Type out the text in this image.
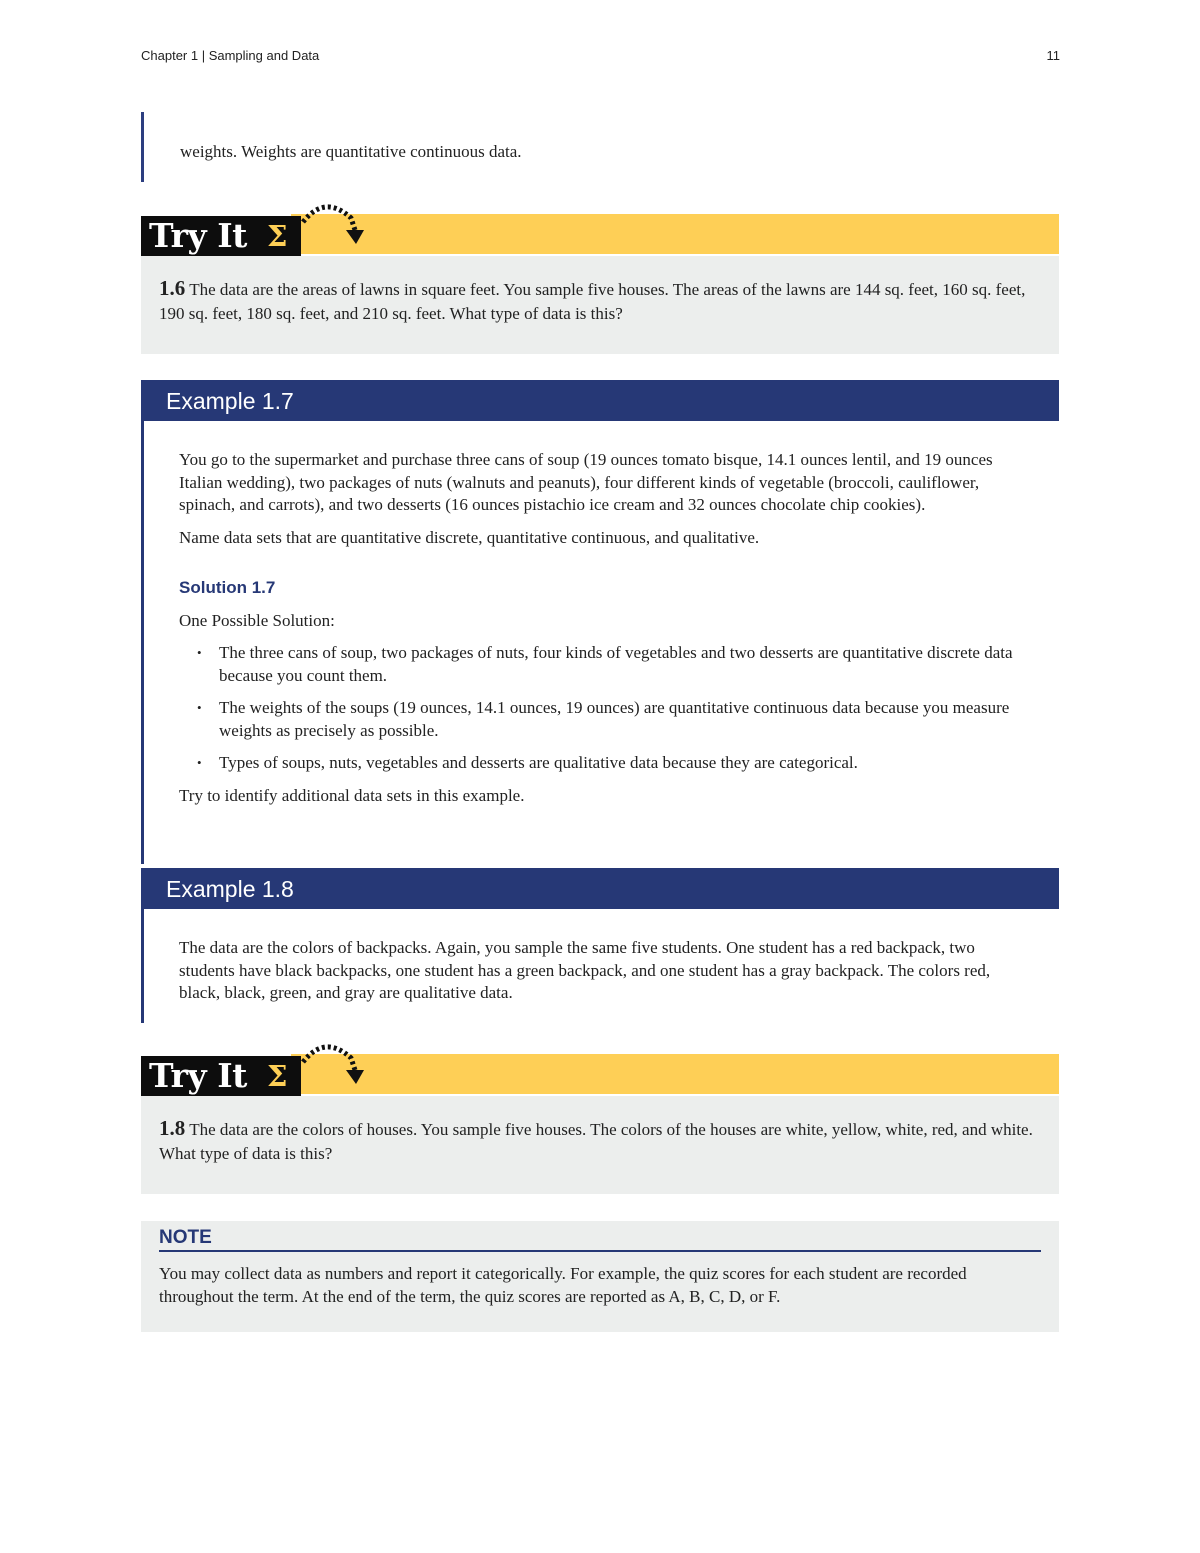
Chapter 1 | Sampling and Data	11

weights. Weights are quantitative continuous data.

Try It Σ
1.6 The data are the areas of lawns in square feet. You sample five houses. The areas of the lawns are 144 sq. feet, 160 sq. feet, 190 sq. feet, 180 sq. feet, and 210 sq. feet. What type of data is this?
Example 1.7

You go to the supermarket and purchase three cans of soup (19 ounces tomato bisque, 14.1 ounces lentil, and 19 ounces Italian wedding), two packages of nuts (walnuts and peanuts), four different kinds of vegetable (broccoli, cauliflower, spinach, and carrots), and two desserts (16 ounces pistachio ice cream and 32 ounces chocolate chip cookies).

Name data sets that are quantitative discrete, quantitative continuous, and qualitative.

Solution 1.7

One Possible Solution:

• The three cans of soup, two packages of nuts, four kinds of vegetables and two desserts are quantitative discrete data because you count them.
• The weights of the soups (19 ounces, 14.1 ounces, 19 ounces) are quantitative continuous data because you measure weights as precisely as possible.
• Types of soups, nuts, vegetables and desserts are qualitative data because they are categorical.

Try to identify additional data sets in this example.

Example 1.8

The data are the colors of backpacks. Again, you sample the same five students. One student has a red backpack, two students have black backpacks, one student has a green backpack, and one student has a gray backpack. The colors red, black, black, green, and gray are qualitative data.

Try It Σ
1.8 The data are the colors of houses. You sample five houses. The colors of the houses are white, yellow, white, red, and white. What type of data is this?
NOTE

You may collect data as numbers and report it categorically. For example, the quiz scores for each student are recorded throughout the term. At the end of the term, the quiz scores are reported as A, B, C, D, or F.
